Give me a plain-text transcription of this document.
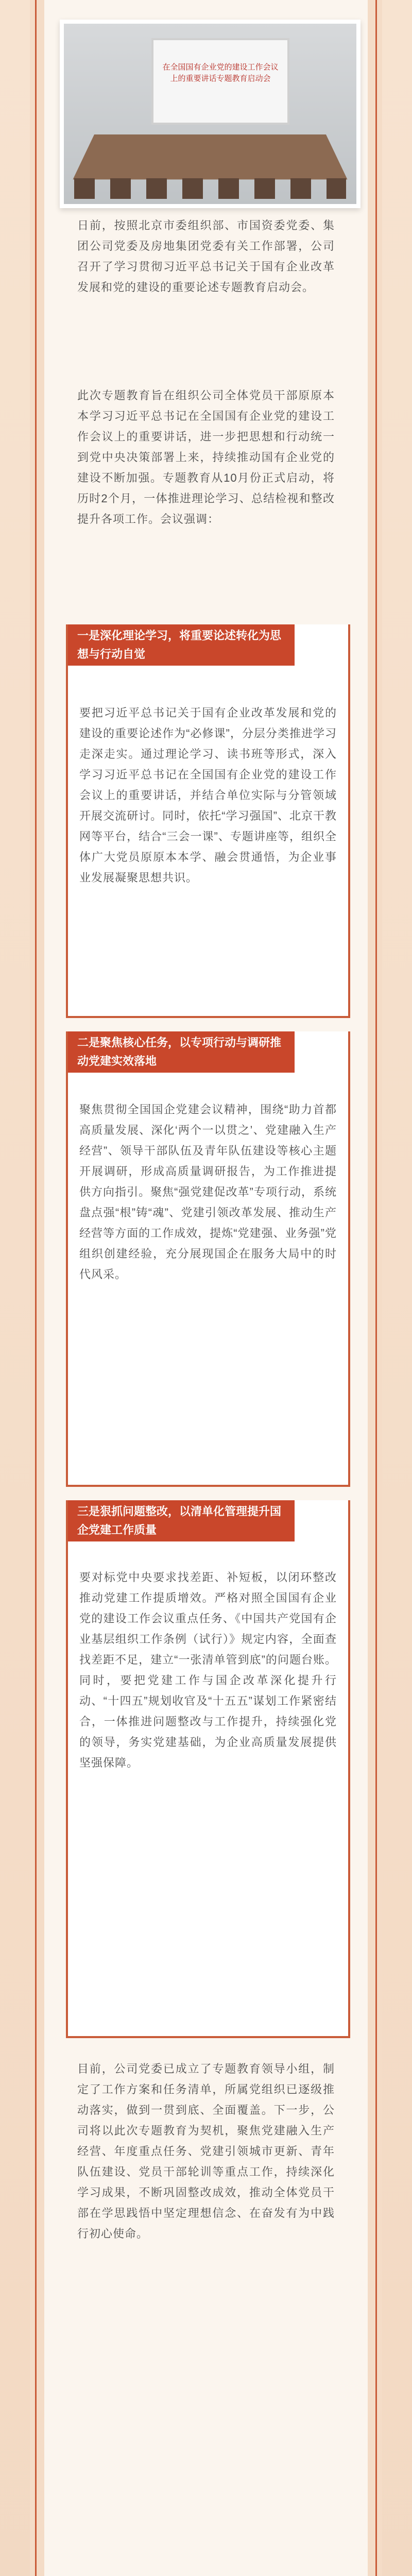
在全国国有企业党的建设工作会议上的重要讲话专题教育启动会
日前，按照北京市委组织部、市国资委党委、集团公司党委及房地集团党委有关工作部署，公司召开了学习贯彻习近平总书记关于国有企业改革发展和党的建设的重要论述专题教育启动会。
此次专题教育旨在组织公司全体党员干部原原本本学习习近平总书记在全国国有企业党的建设工作会议上的重要讲话，进一步把思想和行动统一到党中央决策部署上来，持续推动国有企业党的建设不断加强。专题教育从10月份正式启动，将历时2个月，一体推进理论学习、总结检视和整改提升各项工作。会议强调：
一是深化理论学习，将重要论述转化为思想与行动自觉
要把习近平总书记关于国有企业改革发展和党的建设的重要论述作为“必修课”，分层分类推进学习走深走实。通过理论学习、读书班等形式，深入学习习近平总书记在全国国有企业党的建设工作会议上的重要讲话，并结合单位实际与分管领域开展交流研讨。同时，依托“学习强国”、北京干教网等平台，结合“三会一课”、专题讲座等，组织全体广大党员原原本本学、融会贯通悟，为企业事业发展凝聚思想共识。
二是聚焦核心任务，以专项行动与调研推动党建实效落地
聚焦贯彻全国国企党建会议精神，围绕“助力首都高质量发展、深化‘两个一以贯之’、党建融入生产经营”、领导干部队伍及青年队伍建设等核心主题开展调研，形成高质量调研报告，为工作推进提供方向指引。聚焦“强党建促改革”专项行动，系统盘点强“根”铸“魂”、党建引领改革发展、推动生产经营等方面的工作成效，提炼“党建强、业务强”党组织创建经验，充分展现国企在服务大局中的时代风采。
三是狠抓问题整改，以清单化管理提升国企党建工作质量
要对标党中央要求找差距、补短板，以闭环整改推动党建工作提质增效。严格对照全国国有企业党的建设工作会议重点任务、《中国共产党国有企业基层组织工作条例（试行）》规定内容，全面查找差距不足，建立“一张清单管到底”的问题台账。同时，要把党建工作与国企改革深化提升行动、“十四五”规划收官及“十五五”谋划工作紧密结合，一体推进问题整改与工作提升，持续强化党的领导，务实党建基础，为企业高质量发展提供坚强保障。
目前，公司党委已成立了专题教育领导小组，制定了工作方案和任务清单，所属党组织已逐级推动落实，做到一贯到底、全面覆盖。下一步，公司将以此次专题教育为契机，聚焦党建融入生产经营、年度重点任务、党建引领城市更新、青年队伍建设、党员干部轮训等重点工作，持续深化学习成果，不断巩固整改成效，推动全体党员干部在学思践悟中坚定理想信念、在奋发有为中践行初心使命。
